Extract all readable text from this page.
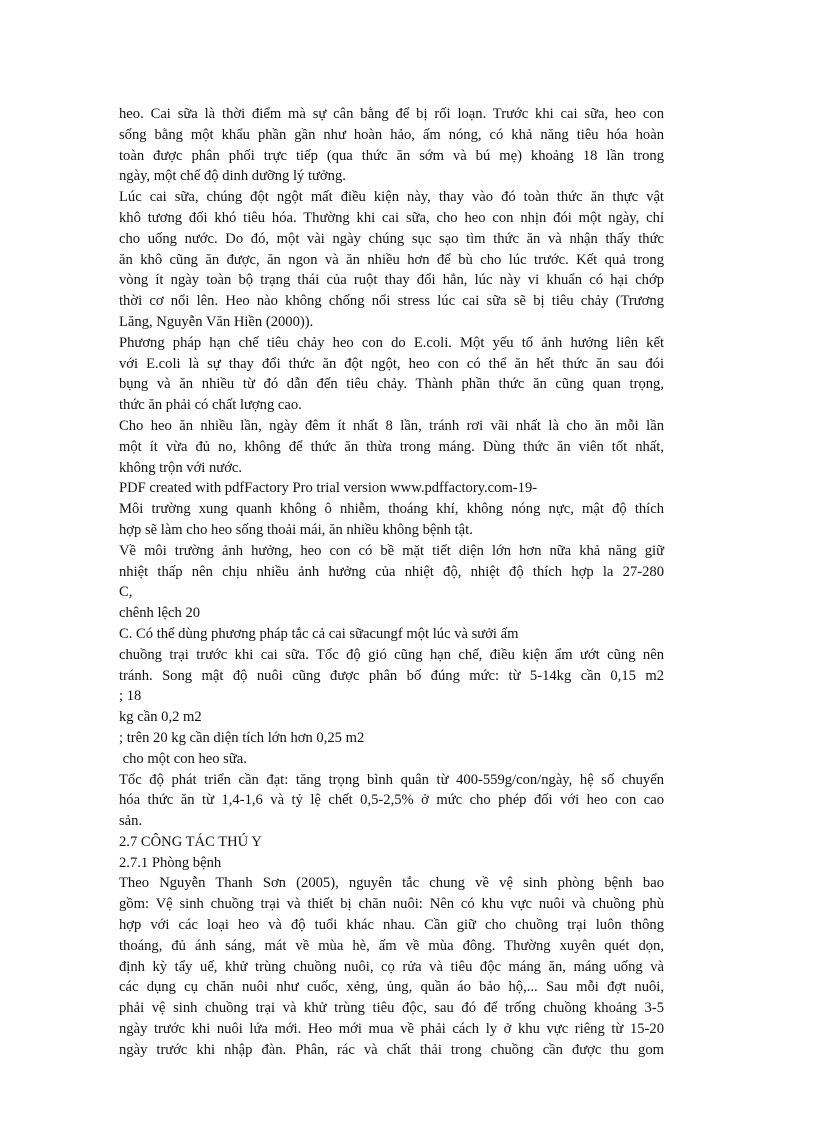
heo. Cai sữa là thời điểm mà sự cân bằng để bị rối loạn. Trước khi cai sữa, heo con
sống bằng một khẩu phần gần như hoàn hảo, ấm nóng, có khả năng tiêu hóa hoàn
toàn được phân phối trực tiếp (qua thức ăn sớm và bú mẹ) khoảng 18 lần trong
ngày, một chế độ dinh dưỡng lý tưởng.
Lúc cai sữa, chúng đột ngột mất điều kiện này, thay vào đó toàn thức ăn thực vật
khô tương đối khó tiêu hóa. Thường khi cai sữa, cho heo con nhịn đói một ngày, chỉ
cho uống nước. Do đó, một vài ngày chúng sục sạo tìm thức ăn và nhận thấy thức
ăn khô cũng ăn được, ăn ngon và ăn nhiều hơn để bù cho lúc trước. Kết quả trong
vòng ít ngày toàn bộ trạng thái của ruột thay đổi hẳn, lúc này vi khuẩn có hại chớp
thời cơ nổi lên. Heo nào không chống nổi stress lúc cai sữa sẽ bị tiêu chảy (Trương
Lăng, Nguyễn Văn Hiền (2000)).
Phương pháp hạn chế tiêu chảy heo con do E.coli. Một yếu tố ảnh hưởng liên kết
với E.coli là sự thay đổi thức ăn đột ngột, heo con có thể ăn hết thức ăn sau đói
bụng và ăn nhiều từ đó dẫn đến tiêu chảy. Thành phần thức ăn cũng quan trọng,
thức ăn phải có chất lượng cao.
Cho heo ăn nhiều lần, ngày đêm ít nhất 8 lần, tránh rơi vãi nhất là cho ăn mỗi lần
một ít vừa đủ no, không để thức ăn thừa trong máng. Dùng thức ăn viên tốt nhất,
không trộn với nước.
PDF created with pdfFactory Pro trial version www.pdffactory.com-19-
Môi trường xung quanh không ô nhiễm, thoáng khí, không nóng nực, mật độ thích
hợp sẽ làm cho heo sống thoải mái, ăn nhiều không bệnh tật.
Về môi trường ảnh hưởng, heo con có bề mặt tiết diện lớn hơn nữa khả năng giữ
nhiệt thấp nên chịu nhiều ảnh hưởng của nhiệt độ, nhiệt độ thích hợp la 27-280
C,
chênh lệch 20
C. Có thể dùng phương pháp tắc cả cai sữacungf một lúc và sưởi ấm
chuồng trại trước khi cai sữa. Tốc độ gió cũng hạn chế, điều kiện ẩm ướt cũng nên
tránh. Song mật độ nuôi cũng được phân bố đúng mức: từ 5-14kg cần 0,15 m2
; 18
kg cần 0,2 m2
; trên 20 kg cần diện tích lớn hơn 0,25 m2
cho một con heo sữa.
Tốc độ phát triển cần đạt: tăng trọng bình quân từ 400-559g/con/ngày, hệ số chuyển
hóa thức ăn từ 1,4-1,6 và tỷ lệ chết 0,5-2,5% ở mức cho phép đối với heo con cao
sản.
2.7 CÔNG TÁC THÚ Y
2.7.1 Phòng bệnh
Theo Nguyễn Thanh Sơn (2005), nguyên tắc chung về vệ sinh phòng bệnh bao
gồm: Vệ sinh chuồng trại và thiết bị chăn nuôi: Nên có khu vực nuôi và chuồng phù
hợp với các loại heo và độ tuổi khác nhau. Cần giữ cho chuồng trại luôn thông
thoáng, đủ ánh sáng, mát về mùa hè, ấm về mùa đông. Thường xuyên quét dọn,
định kỳ tẩy uế, khử trùng chuồng nuôi, cọ rửa và tiêu độc máng ăn, máng uống và
các dụng cụ chăn nuôi như cuốc, xẻng, ủng, quần áo bảo hộ,... Sau mỗi đợt nuôi,
phải vệ sinh chuồng trại và khử trùng tiêu độc, sau đó để trống chuồng khoảng 3-5
ngày trước khi nuôi lứa mới. Heo mới mua về phải cách ly ở khu vực riêng từ 15-20
ngày trước khi nhập đàn. Phân, rác và chất thải trong chuồng cần được thu gom
